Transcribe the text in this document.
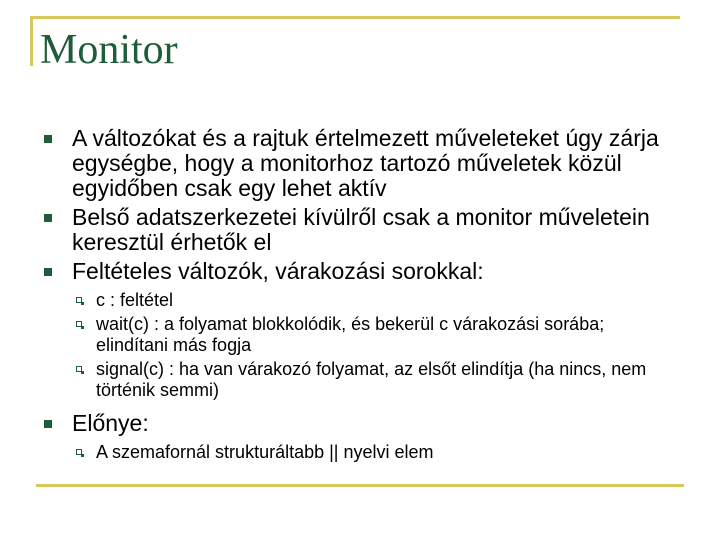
Monitor
A változókat és a rajtuk értelmezett műveleteket úgy zárja egységbe, hogy a monitorhoz tartozó műveletek közül egyidőben csak egy lehet aktív
Belső adatszerkezetei kívülről csak a monitor műveletein keresztül érhetők el
Feltételes változók, várakozási sorokkal:
c : feltétel
wait(c) : a folyamat blokkolódik, és bekerül c várakozási sorába; elindítani más fogja
signal(c) : ha van várakozó folyamat, az elsőt elindítja (ha nincs, nem történik semmi)
Előnye:
A szemafornál strukturáltabb || nyelvi elem
